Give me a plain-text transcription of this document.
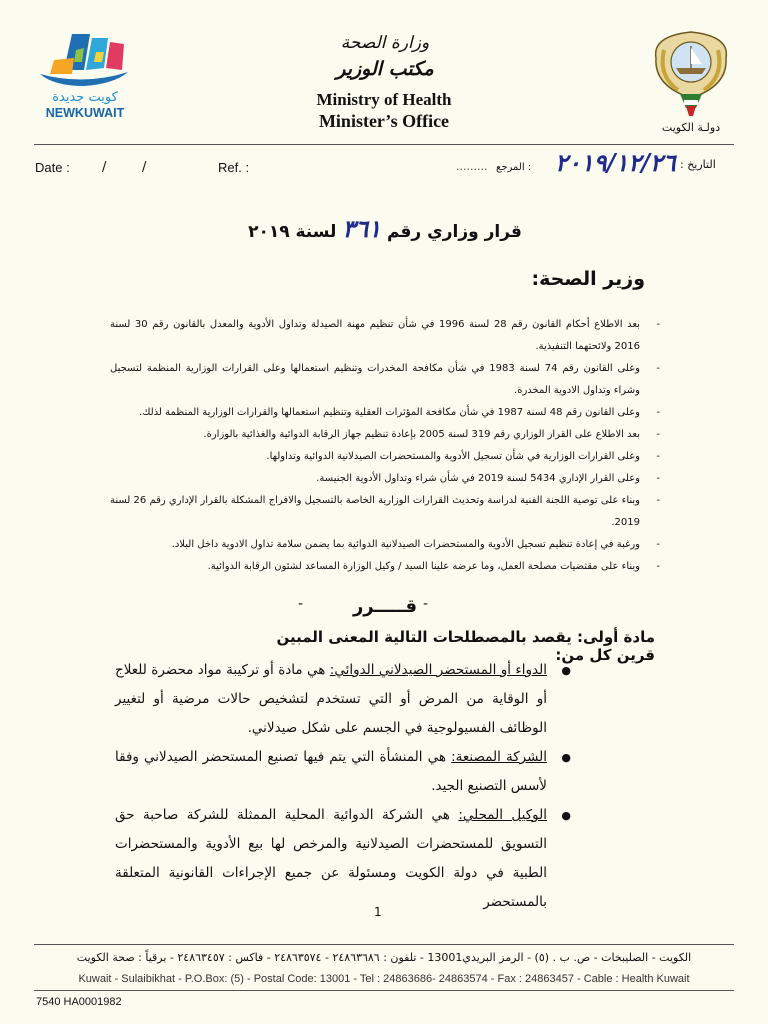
كويت جديدة
NEWKUWAIT
وزارة الصحة
مكتب الوزير
Ministry of Health
Minister’s Office	دولـة الكويت
Date : /	/	Ref. :	التاريخ :
٢٠١٩/١٢/٢٦
: المرجع
.........
قرار وزاري رقم ٣٦١ لسنة ٢٠١٩
وزير الصحة:
- بعد الاطلاع أحكام القانون رقم 28 لسنة 1996 في شأن تنظيم مهنة الصيدلة وتداول الأدوية والمعدل بالقانون رقم 30 لسنة 2016 ولائحتهما التنفيذية.
- وعلى القانون رقم 74 لسنة 1983 في شأن مكافحة المخدرات وتنظيم استعمالها وعلى القرارات الوزارية المنظمة لتسجيل وشراء وتداول الادوية المخدرة.
- وعلى القانون رقم 48 لسنة 1987 في شأن مكافحة المؤثرات العقلية وتنظيم استعمالها والقرارات الوزارية المنظمة لذلك.
- بعد الاطلاع على القرار الوزاري رقم 319 لسنة 2005 بإعادة تنظيم جهاز الرقابة الدوائية والغذائية بالوزارة.
- وعلى القرارات الوزارية في شأن تسجيل الأدوية والمستحضرات الصيدلانية الدوائية وتداولها.
- وعلى القرار الإداري 5434 لسنة 2019 في شأن شراء وتداول الأدوية الجنيسة.
- وبناء على توصية اللجنة الفنية لدراسة وتحديث القرارات الوزارية الخاصة بالتسجيل والافراج المشكلة بالقرار الإداري رقم 26 لسنة 2019.
- ورغبة في إعادة تنظيم تسجيل الأدوية والمستحضرات الصيدلانية الدوائية بما يضمن سلامة تداول الادوية داخل البلاد.
- وبناء على مقتضيات مصلحة العمل، وما عرضه علينا السيد / وكيل الوزارة المساعد لشئون الرقابة الدوائية.
-	قـــــرر -
مادة أولى: يقصد بالمصطلحات التالية المعنى المبين قرين كل من:
● الدواء أو المستحضر الصيدلاني الدوائي: هي مادة أو تركيبة مواد محضرة للعلاج أو الوقاية من المرض أو التي تستخدم لتشخيص حالات مرضية أو لتغيير الوظائف الفسيولوجية في الجسم على شكل صيدلاني.
● الشركة المصنعة: هي المنشأة التي يتم فيها تصنيع المستحضر الصيدلاني وفقا لأسس التصنيع الجيد.
● الوكيل المحلي: هي الشركة الدوائية المحلية الممثلة للشركة صاحبة حق التسويق للمستحضرات الصيدلانية والمرخص لها بيع الأدوية والمستحضرات الطبية في دولة الكويت ومسئولة عن جميع الإجراءات القانونية المتعلقة بالمستحضر
1
الكويت - الصليبخات - ص. ب . (٥) - الرمز البريدي13001 - تلفون : ٢٤٨٦٣٦٨٦ - ٢٤٨٦٣٥٧٤ - فاكس : ٢٤٨٦٣٤٥٧ - برقياً : صحة الكويت
Kuwait - Sulaibikhat - P.O.Box: (5) - Postal Code: 13001 - Tel : 24863686- 24863574 - Fax : 24863457 - Cable : Health Kuwait
7540 HA0001982
